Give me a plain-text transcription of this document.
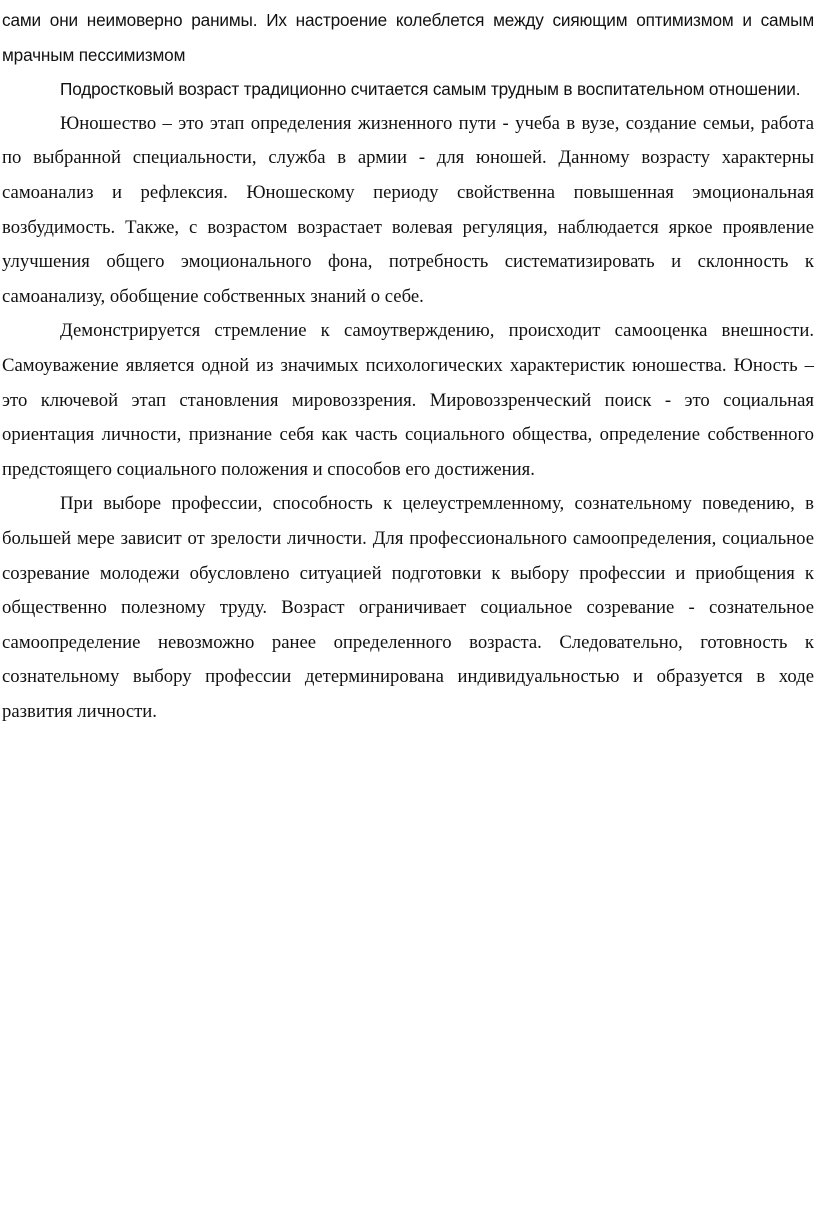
сами они неимоверно ранимы. Их настроение колеблется между сияющим оптимизмом и самым мрачным пессимизмом

Подростковый возраст традиционно считается самым трудным в воспитательном отношении.

Юношество – это этап определения жизненного пути - учеба в вузе, создание семьи, работа по выбранной специальности, служба в армии - для юношей. Данному возрасту характерны самоанализ и рефлексия. Юношескому периоду свойственна повышенная эмоциональная возбудимость. Также, с возрастом возрастает волевая регуляция, наблюдается яркое проявление улучшения общего эмоционального фона, потребность систематизировать и склонность к самоанализу, обобщение собственных знаний о себе.

Демонстрируется стремление к самоутверждению, происходит самооценка внешности. Самоуважение является одной из значимых психологических характеристик юношества. Юность – это ключевой этап становления мировоззрения. Мировоззренческий поиск - это социальная ориентация личности, признание себя как часть социального общества, определение собственного предстоящего социального положения и способов его достижения.

При выборе профессии, способность к целеустремленному, сознательному поведению, в большей мере зависит от зрелости личности. Для профессионального самоопределения, социальное созревание молодежи обусловлено ситуацией подготовки к выбору профессии и приобщения к общественно полезному труду. Возраст ограничивает социальное созревание - сознательное самоопределение невозможно ранее определенного возраста. Следовательно, готовность к сознательному выбору профессии детерминирована индивидуальностью и образуется в ходе развития личности.
